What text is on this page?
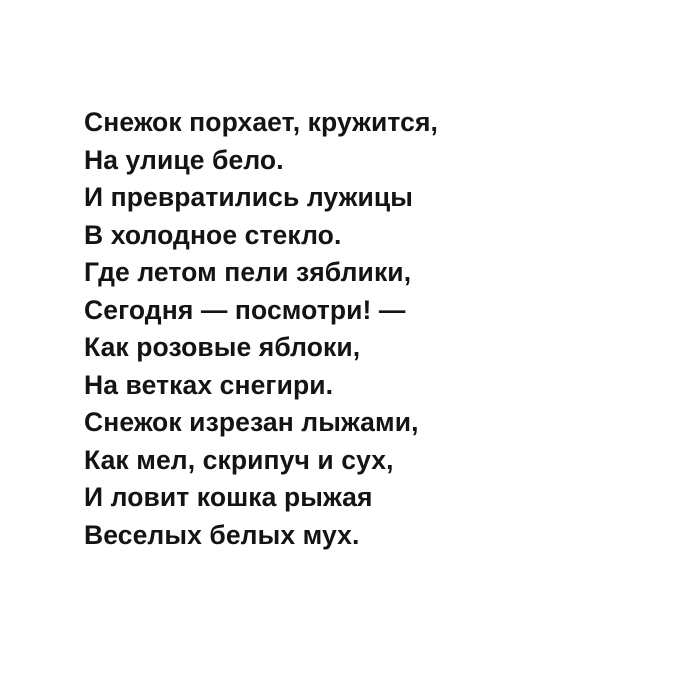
Снежок порхает, кружится,
На улице бело.
И превратились лужицы
В холодное стекло.
Где летом пели зяблики,
Сегодня — посмотри! —
Как розовые яблоки,
На ветках снегири.
Снежок изрезан лыжами,
Как мел, скрипуч и сух,
И ловит кошка рыжая
Веселых белых мух.
